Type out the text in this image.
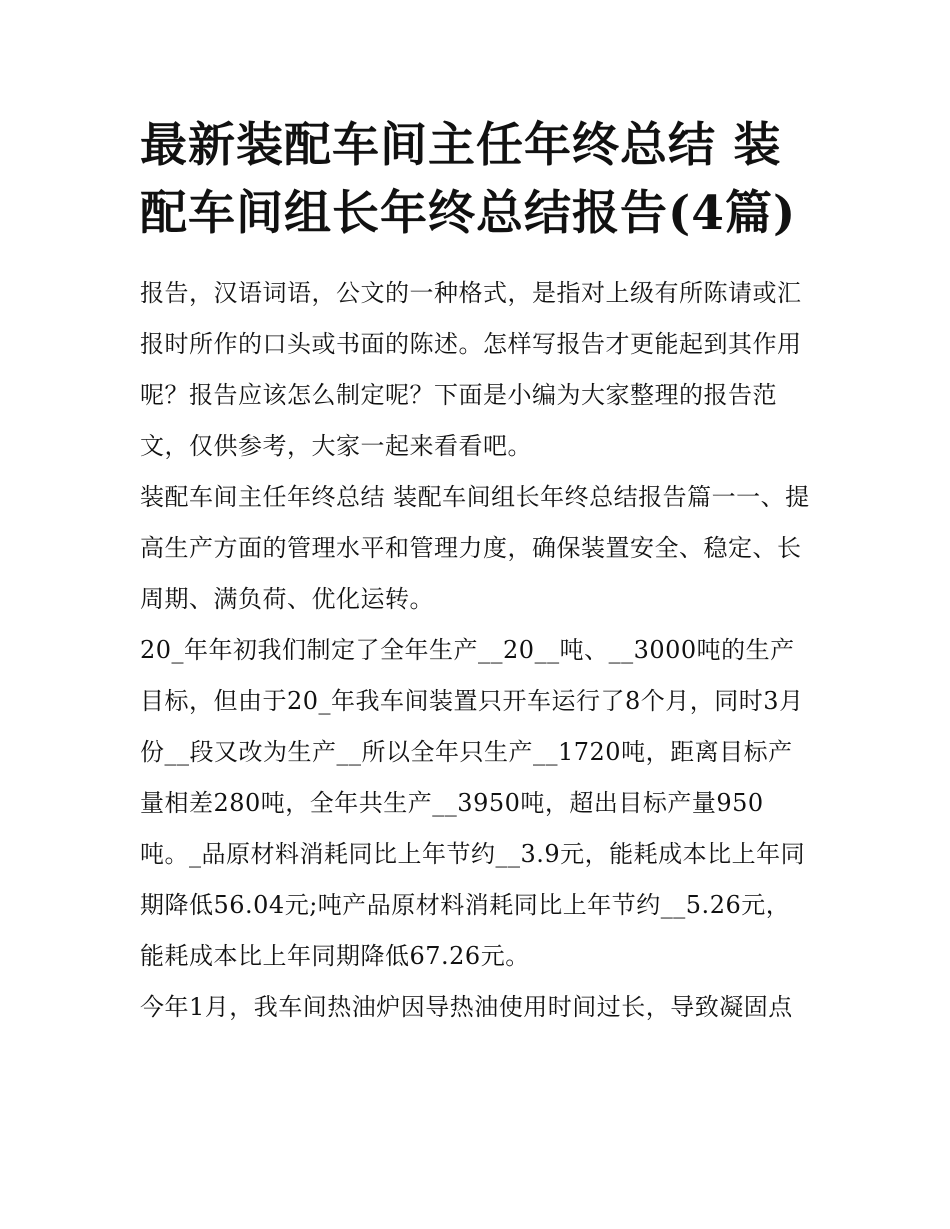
最新装配车间主任年终总结 装配车间组长年终总结报告(4篇)

报告，汉语词语，公文的一种格式，是指对上级有所陈请或汇报时所作的口头或书面的陈述。怎样写报告才更能起到其作用呢？报告应该怎么制定呢？下面是小编为大家整理的报告范文，仅供参考，大家一起来看看吧。

装配车间主任年终总结 装配车间组长年终总结报告篇一一、提高生产方面的管理水平和管理力度，确保装置安全、稳定、长周期、满负荷、优化运转。

20_年年初我们制定了全年生产__20__吨、__3000吨的生产目标，但由于20_年我车间装置只开车运行了8个月，同时3月份__段又改为生产__所以全年只生产__1720吨，距离目标产量相差280吨，全年共生产__3950吨，超出目标产量950吨。_品原材料消耗同比上年节约__3.9元，能耗成本比上年同期降低56.04元;吨产品原材料消耗同比上年节约__5.26元，能耗成本比上年同期降低67.26元。

今年1月，我车间热油炉因导热油使用时间过长，导致凝固点
